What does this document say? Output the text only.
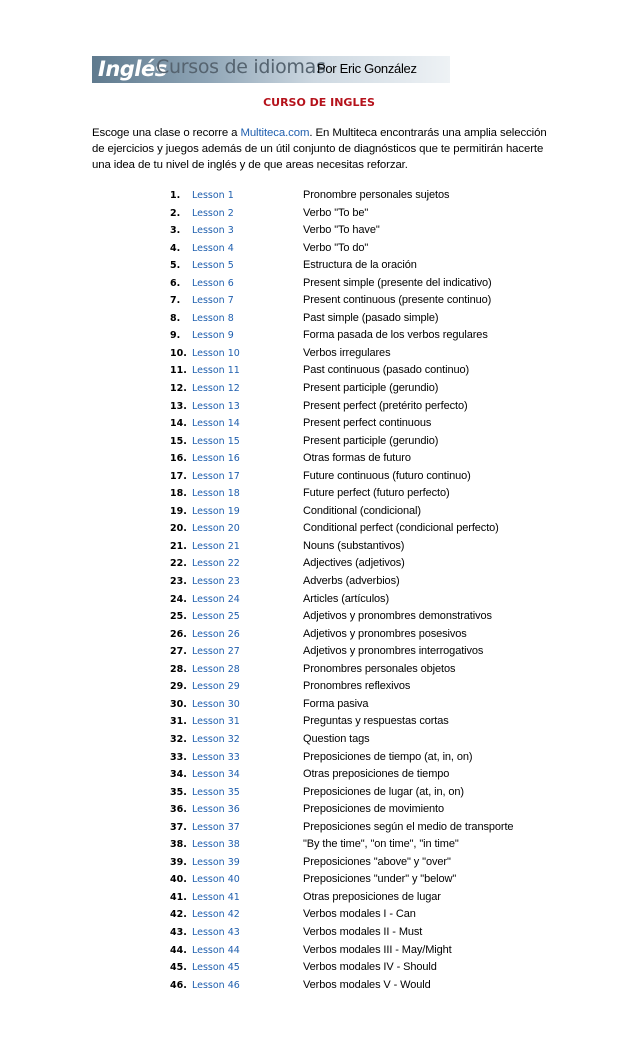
Inglés
Cursos de idiomas
Por Eric González
CURSO DE INGLES

Escoge una clase o recorre a Multiteca.com. En Multiteca encontrarás una amplia selección de ejercicios y juegos además de un útil conjunto de diagnósticos que te permitirán hacerte una idea de tu nivel de inglés y de que areas necesitas reforzar.

1.	Lesson 1	Pronombre personales sujetos
2.	Lesson 2	Verbo "To be"
3.	Lesson 3	Verbo "To have"
4.	Lesson 4	Verbo "To do"
5.	Lesson 5	Estructura de la oración
6.	Lesson 6	Present simple (presente del indicativo)
7.	Lesson 7	Present continuous (presente continuo)
8.	Lesson 8	Past simple (pasado simple)
9.	Lesson 9	Forma pasada de los verbos regulares
10. Lesson 10	Verbos irregulares
11. Lesson 11	Past continuous (pasado continuo)
12. Lesson 12	Present participle (gerundio)
13. Lesson 13	Present perfect (pretérito perfecto)
14. Lesson 14	Present perfect continuous
15. Lesson 15	Present participle (gerundio)
16. Lesson 16	Otras formas de futuro
17. Lesson 17	Future continuous (futuro continuo)
18. Lesson 18	Future perfect (futuro perfecto)
19. Lesson 19	Conditional (condicional)
20. Lesson 20	Conditional perfect (condicional perfecto)
21. Lesson 21	Nouns (substantivos)
22. Lesson 22	Adjectives (adjetivos)
23. Lesson 23	Adverbs (adverbios)
24. Lesson 24	Articles (artículos)
25. Lesson 25	Adjetivos y pronombres demonstrativos
26. Lesson 26	Adjetivos y pronombres posesivos
27. Lesson 27	Adjetivos y pronombres interrogativos
28. Lesson 28	Pronombres personales objetos
29. Lesson 29	Pronombres reflexivos
30. Lesson 30	Forma pasiva
31. Lesson 31	Preguntas y respuestas cortas
32. Lesson 32	Question tags
33. Lesson 33	Preposiciones de tiempo (at, in, on)
34. Lesson 34	Otras preposiciones de tiempo
35. Lesson 35	Preposiciones de lugar (at, in, on)
36. Lesson 36	Preposiciones de movimiento
37. Lesson 37	Preposiciones según el medio de transporte
38. Lesson 38	"By the time", "on time", "in time"
39. Lesson 39	Preposiciones "above" y "over"
40. Lesson 40	Preposiciones "under" y "below"
41. Lesson 41	Otras preposiciones de lugar
42. Lesson 42	Verbos modales I - Can
43. Lesson 43	Verbos modales II - Must
44. Lesson 44	Verbos modales III - May/Might
45. Lesson 45	Verbos modales IV - Should
46. Lesson 46	Verbos modales V - Would
